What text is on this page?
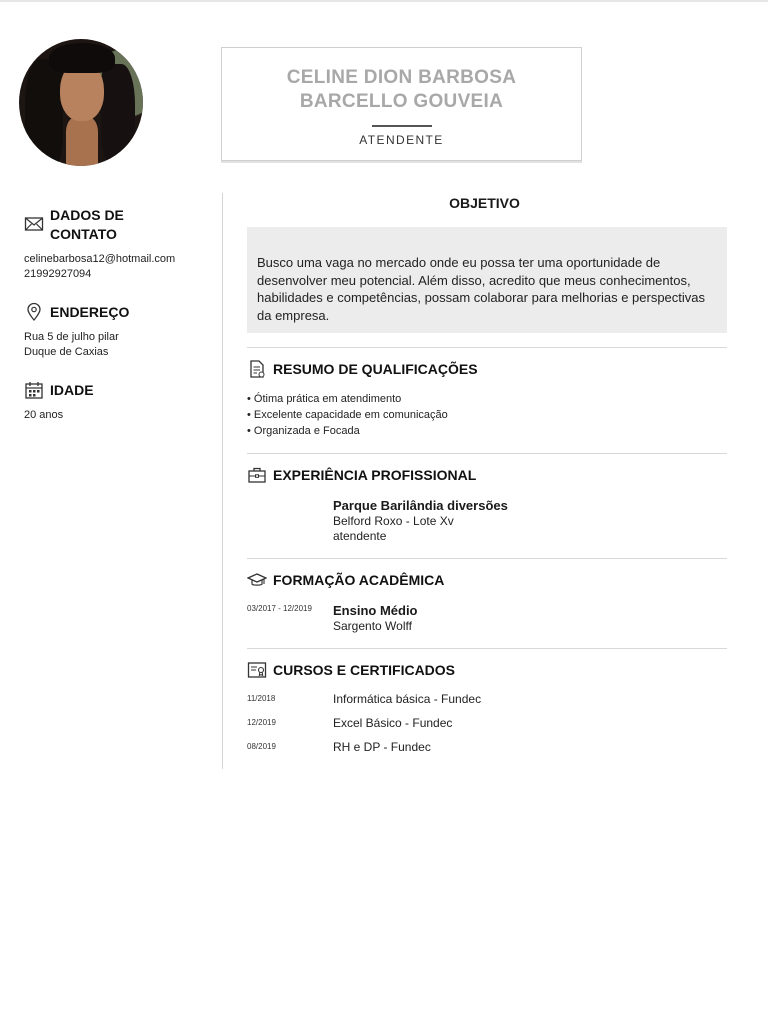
CELINE DION BARBOSA
BARCELLO GOUVEIA
ATENDENTE
DADOS DE
CONTATO
celinebarbosa12@hotmail.com
21992927094
ENDEREÇO
Rua 5 de julho pilar
Duque de Caxias
IDADE
20 anos
OBJETIVO
Busco uma vaga no mercado onde eu possa ter uma oportunidade de desenvolver meu potencial. Além disso, acredito que meus conhecimentos, habilidades e competências, possam colaborar para melhorias e perspectivas da empresa.
RESUMO DE QUALIFICAÇÕES
• Ótima prática em atendimento
• Excelente capacidade em comunicação
• Organizada e Focada
EXPERIÊNCIA PROFISSIONAL
Parque Barilândia diversões
Belford Roxo - Lote Xv
atendente
FORMAÇÃO ACADÊMICA
03/2017 - 12/2019	Ensino Médio
Sargento Wolff
CURSOS E CERTIFICADOS
11/2018	Informática básica - Fundec
12/2019	Excel Básico - Fundec
08/2019	RH e DP - Fundec
